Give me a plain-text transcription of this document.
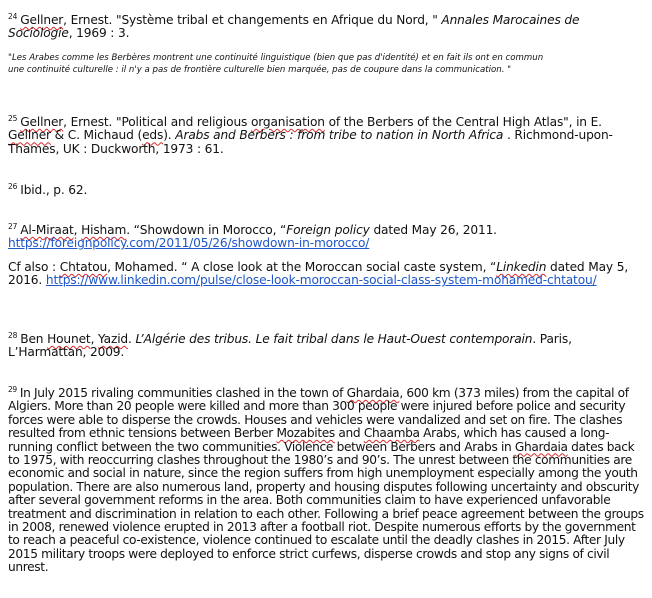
$^{24}$ Gellner, Ernest. "Système tribal et changements en Afrique du Nord, " Annales Marocaines de Sociologie, 1969 : 3.
"Les Arabes comme les Berbères montrent une continuité linguistique (bien que pas d'identité) et en fait ils ont en commun une continuité culturelle : il n'y a pas de frontière culturelle bien marquée, pas de coupure dans la communication. "
$^{25}$ Gellner, Ernest. "Political and religious organisation of the Berbers of the Central High Atlas", in E. Gellner & C. Michaud (eds). Arabs and Berbers : from tribe to nation in North Africa . Richmond-upon-Thames, UK : Duckworth, 1973 : 61.
$^{26}$ Ibid., p. 62.
$^{27}$ Al-Miraat, Hisham. “Showdown in Morocco, “Foreign policy dated May 26, 2011. https://foreignpolicy.com/2011/05/26/showdown-in-morocco/
Cf also : Chtatou, Mohamed. “ A close look at the Moroccan social caste system, “Linkedin dated May 5, 2016. https://www.linkedin.com/pulse/close-look-moroccan-social-class-system-mohamed-chtatou/
$^{28}$ Ben Hounet, Yazid. L’Algérie des tribus. Le fait tribal dans le Haut-Ouest contemporain. Paris, L’Harmattan, 2009.
$^{29}$ In July 2015 rivaling communities clashed in the town of Ghardaia, 600 km (373 miles) from the capital of Algiers. More than 20 people were killed and more than 300 people were injured before police and security forces were able to disperse the crowds. Houses and vehicles were vandalized and set on fire. The clashes resulted from ethnic tensions between Berber Mozabites and Chaamba Arabs, which has caused a long-running conflict between the two communities. Violence between Berbers and Arabs in Ghardaia dates back to 1975, with reoccurring clashes throughout the 1980’s and 90’s. The unrest between the communities are economic and social in nature, since the region suffers from high unemployment especially among the youth population. There are also numerous land, property and housing disputes following uncertainty and obscurity after several government reforms in the area. Both communities claim to have experienced unfavorable treatment and discrimination in relation to each other. Following a brief peace agreement between the groups in 2008, renewed violence erupted in 2013 after a football riot. Despite numerous efforts by the government to reach a peaceful co-existence, violence continued to escalate until the deadly clashes in 2015. After July 2015 military troops were deployed to enforce strict curfews, disperse crowds and stop any signs of civil unrest.
